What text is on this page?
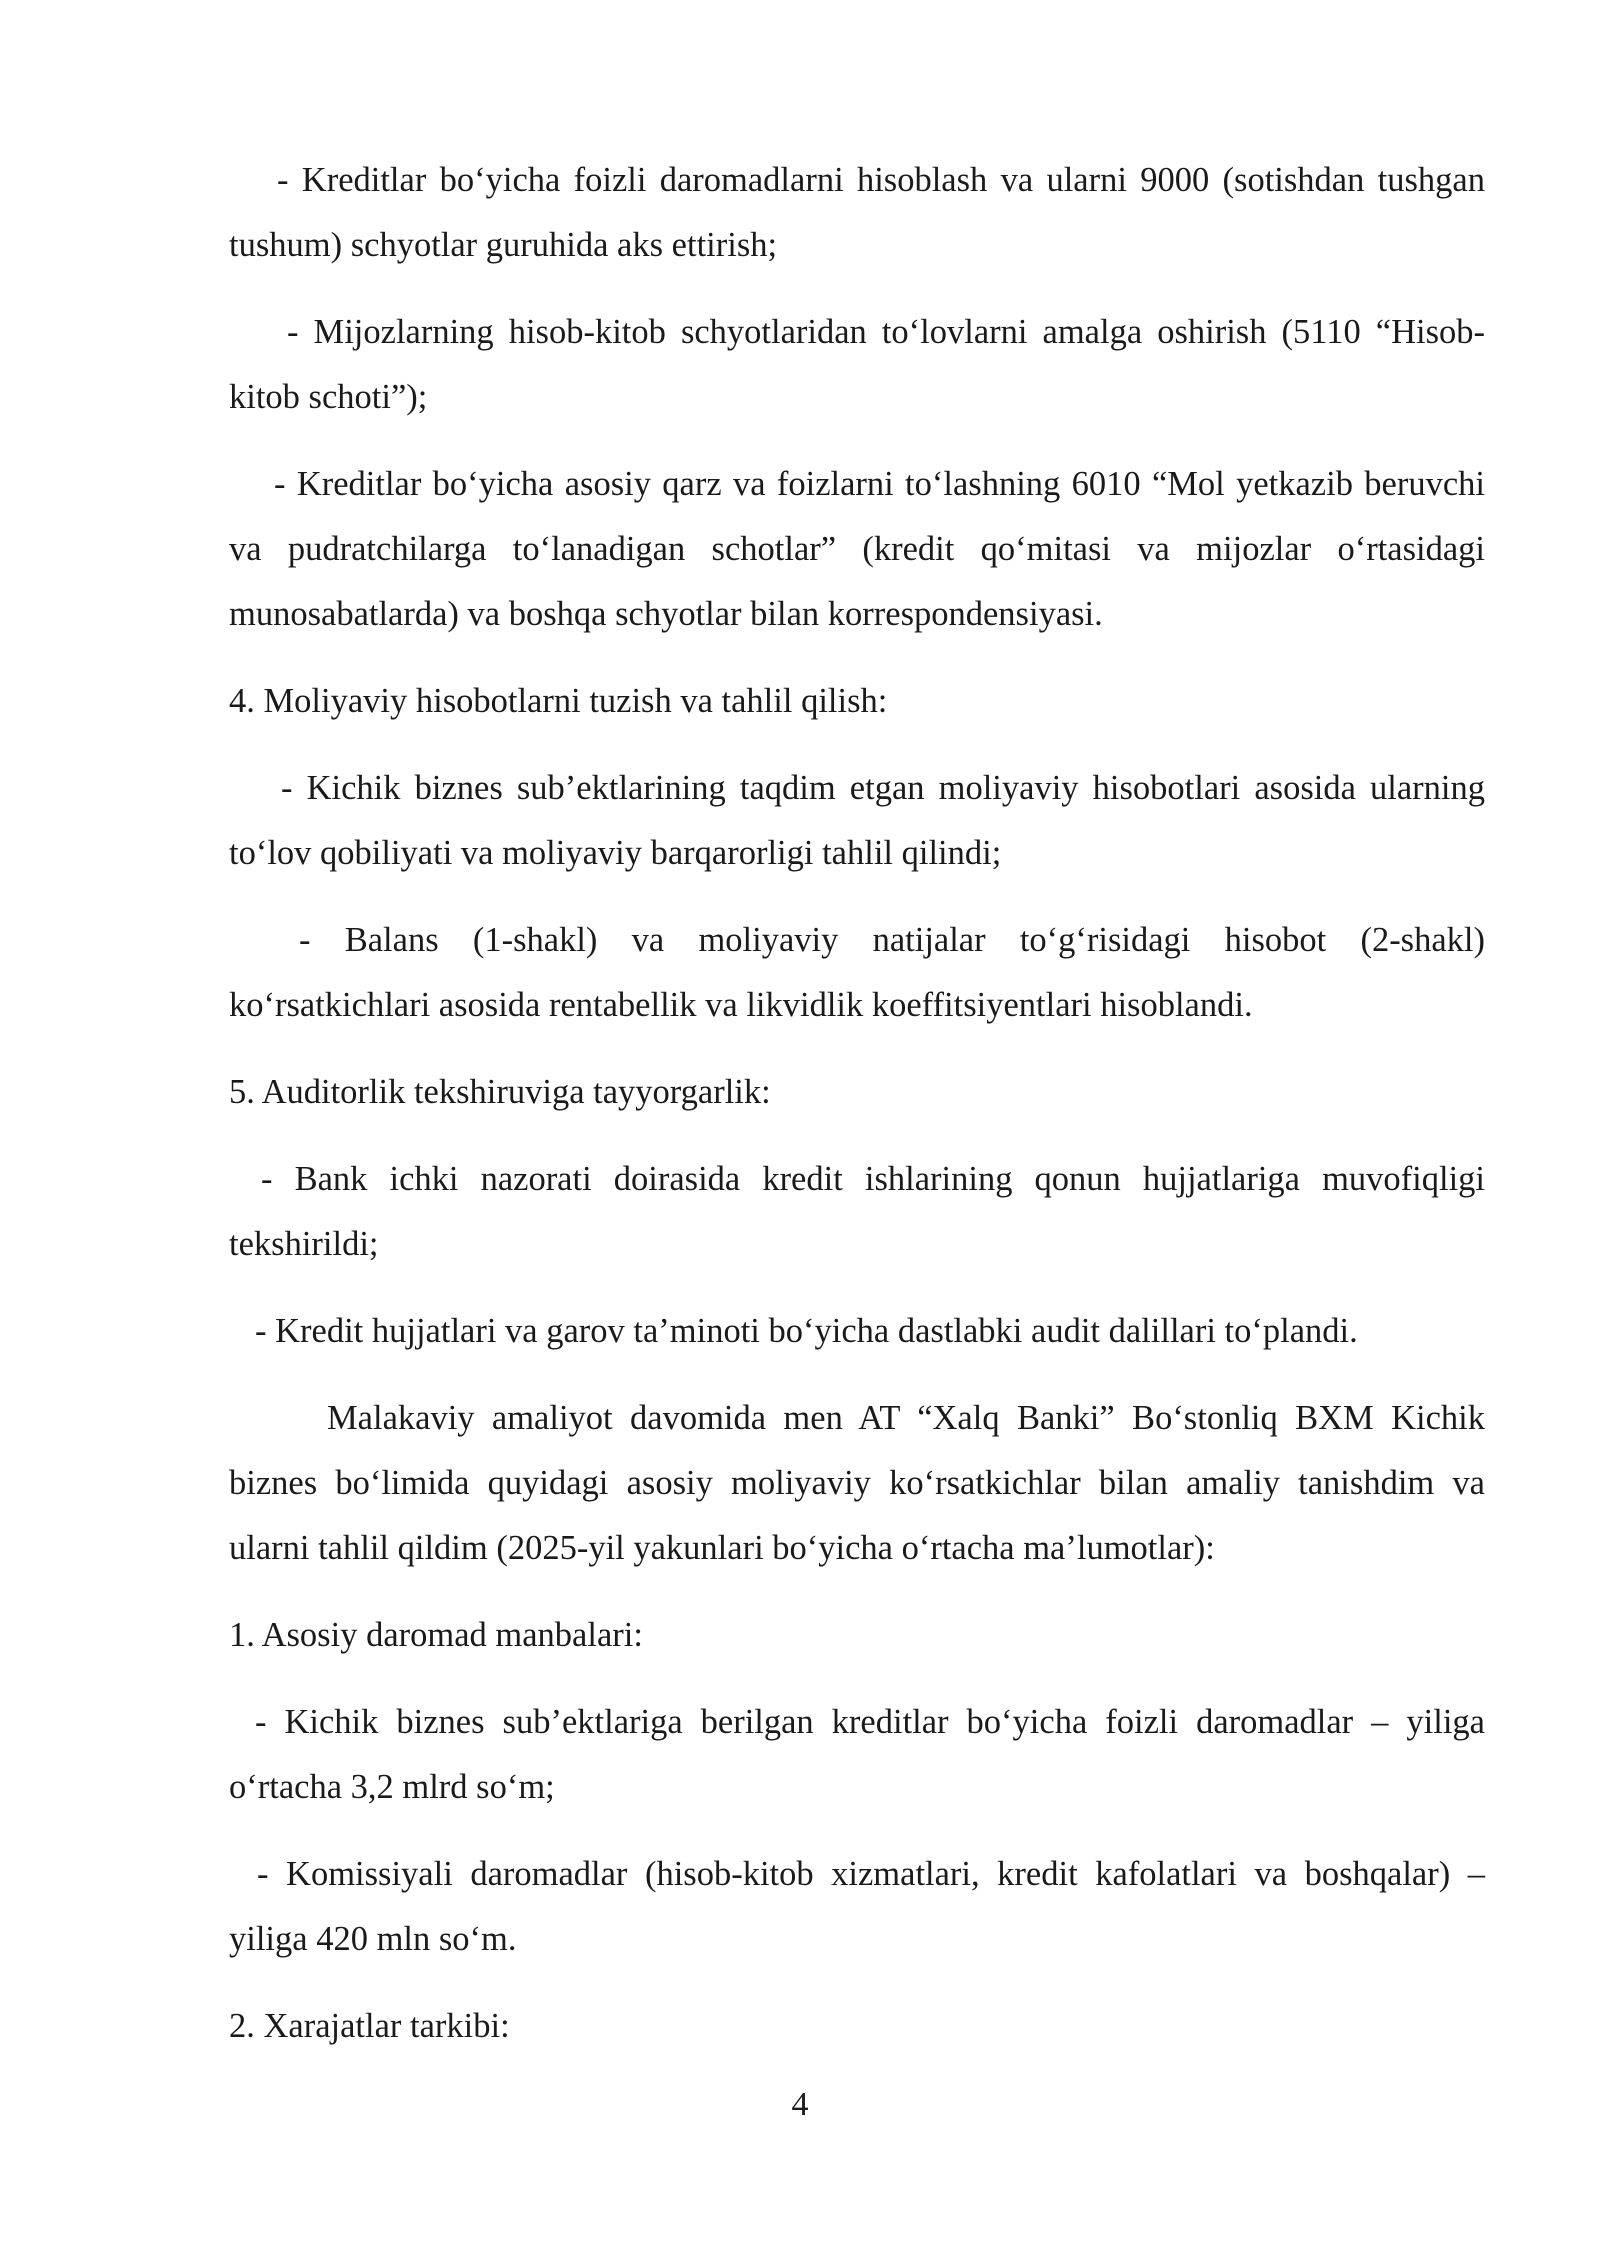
- Kreditlar bo‘yicha foizli daromadlarni hisoblash va ularni 9000 (sotishdan tushgan tushum) schyotlar guruhida aks ettirish;

- Mijozlarning hisob-kitob schyotlaridan to‘lovlarni amalga oshirish (5110 “Hisob-kitob schoti”);

- Kreditlar bo‘yicha asosiy qarz va foizlarni to‘lashning 6010 “Mol yetkazib beruvchi va pudratchilarga to‘lanadigan schotlar” (kredit qo‘mitasi va mijozlar o‘rtasidagi munosabatlarda) va boshqa schyotlar bilan korrespondensiyasi.

4. Moliyaviy hisobotlarni tuzish va tahlil qilish:

- Kichik biznes sub’ektlarining taqdim etgan moliyaviy hisobotlari asosida ularning to‘lov qobiliyati va moliyaviy barqarorligi tahlil qilindi;

- Balans (1-shakl) va moliyaviy natijalar to‘g‘risidagi hisobot (2-shakl) ko‘rsatkichlari asosida rentabellik va likvidlik koeffitsiyentlari hisoblandi.

5. Auditorlik tekshiruviga tayyorgarlik:

- Bank ichki nazorati doirasida kredit ishlarining qonun hujjatlariga muvofiqligi tekshirildi;

- Kredit hujjatlari va garov ta’minoti bo‘yicha dastlabki audit dalillari to‘plandi.

Malakaviy amaliyot davomida men AT “Xalq Banki” Bo‘stonliq BXM Kichik biznes bo‘limida quyidagi asosiy moliyaviy ko‘rsatkichlar bilan amaliy tanishdim va ularni tahlil qildim (2025-yil yakunlari bo‘yicha o‘rtacha ma’lumotlar):

1. Asosiy daromad manbalari:

- Kichik biznes sub’ektlariga berilgan kreditlar bo‘yicha foizli daromadlar – yiliga o‘rtacha 3,2 mlrd so‘m;

- Komissiyali daromadlar (hisob-kitob xizmatlari, kredit kafolatlari va boshqalar) – yiliga 420 mln so‘m.

2. Xarajatlar tarkibi:

4
